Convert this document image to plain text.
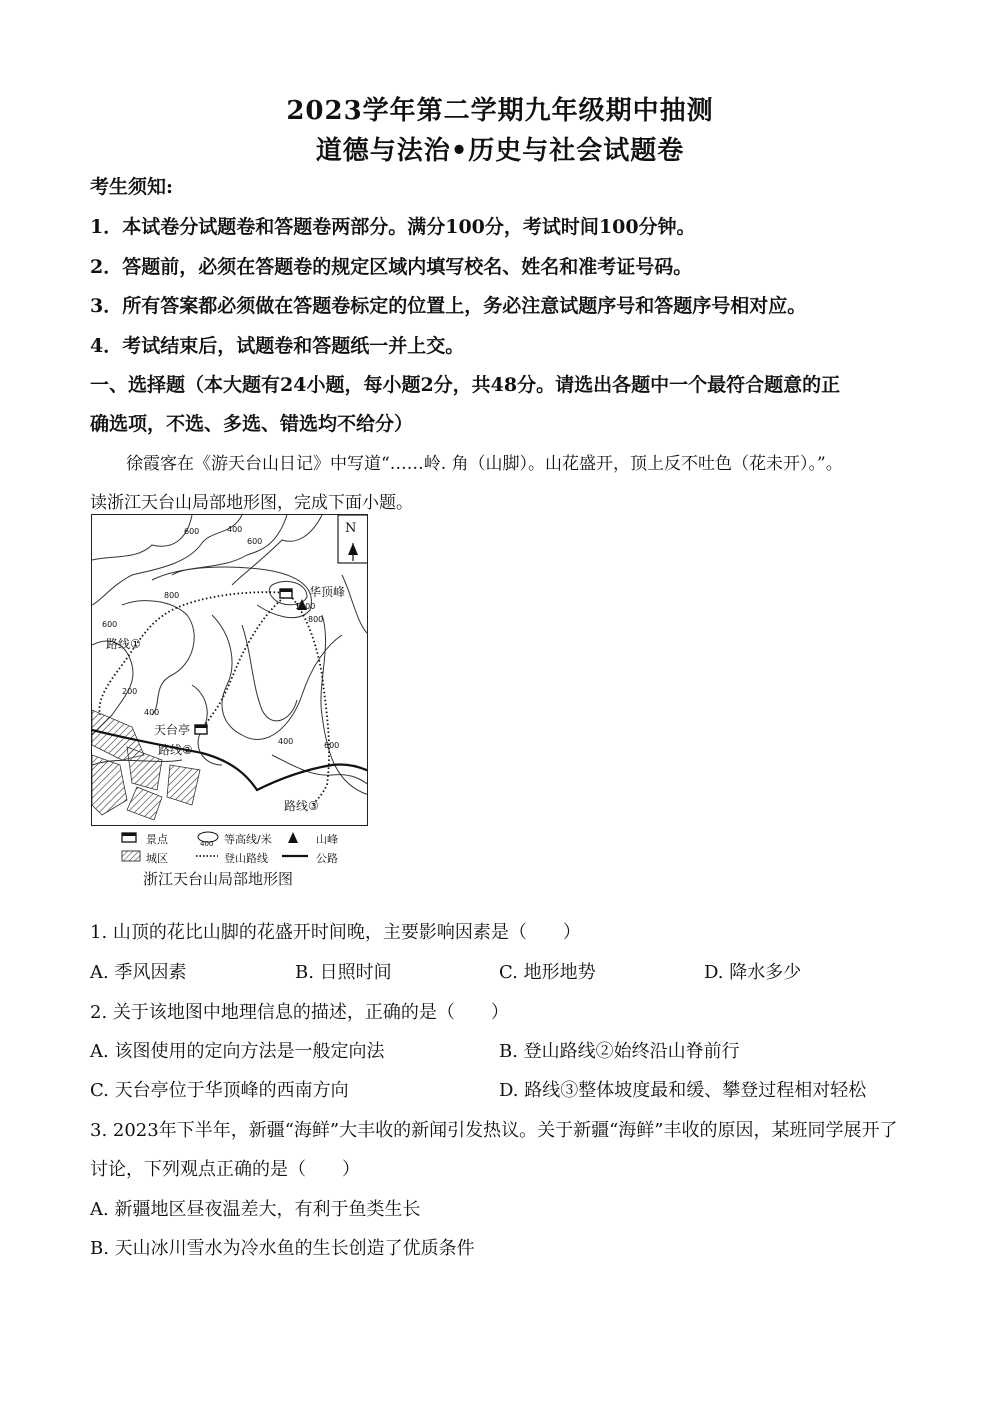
2023学年第二学期九年级期中抽测
道德与法治•历史与社会试题卷
考生须知:
1．本试卷分试题卷和答题卷两部分。满分100分，考试时间100分钟。
2．答题前，必须在答题卷的规定区域内填写校名、姓名和准考证号码。
3．所有答案都必须做在答题卷标定的位置上，务必注意试题序号和答题序号相对应。
4．考试结束后，试题卷和答题纸一并上交。
一、选择题（本大题有24小题，每小题2分，共48分。请选出各题中一个最符合题意的正
确选项，不选、多选、错选均不给分）
徐霞客在《游天台山日记》中写道“……岭. 角（山脚）。山花盛开，顶上反不吐色（花未开）。”。
读浙江天台山局部地形图，完成下面小题。
N
华顶峰
天台亭
路线①
路线②
路线③
400
600
800
1000
800
600
600
400
200
400
600
景点	400 等高线/米	山峰
城区	登山路线	公路
浙江天台山局部地形图
1. 山顶的花比山脚的花盛开时间晚，主要影响因素是（　　）
A. 季风因素	B. 日照时间	C. 地形地势	D. 降水多少
2. 关于该地图中地理信息的描述，正确的是（　　）
A. 该图使用的定向方法是一般定向法	B. 登山路线②始终沿山脊前行
C. 天台亭位于华顶峰的西南方向	D. 路线③整体坡度最和缓、攀登过程相对轻松
3. 2023年下半年，新疆“海鲜”大丰收的新闻引发热议。关于新疆“海鲜”丰收的原因，某班同学展开了
讨论，下列观点正确的是（　　）
A. 新疆地区昼夜温差大，有利于鱼类生长
B. 天山冰川雪水为冷水鱼的生长创造了优质条件
